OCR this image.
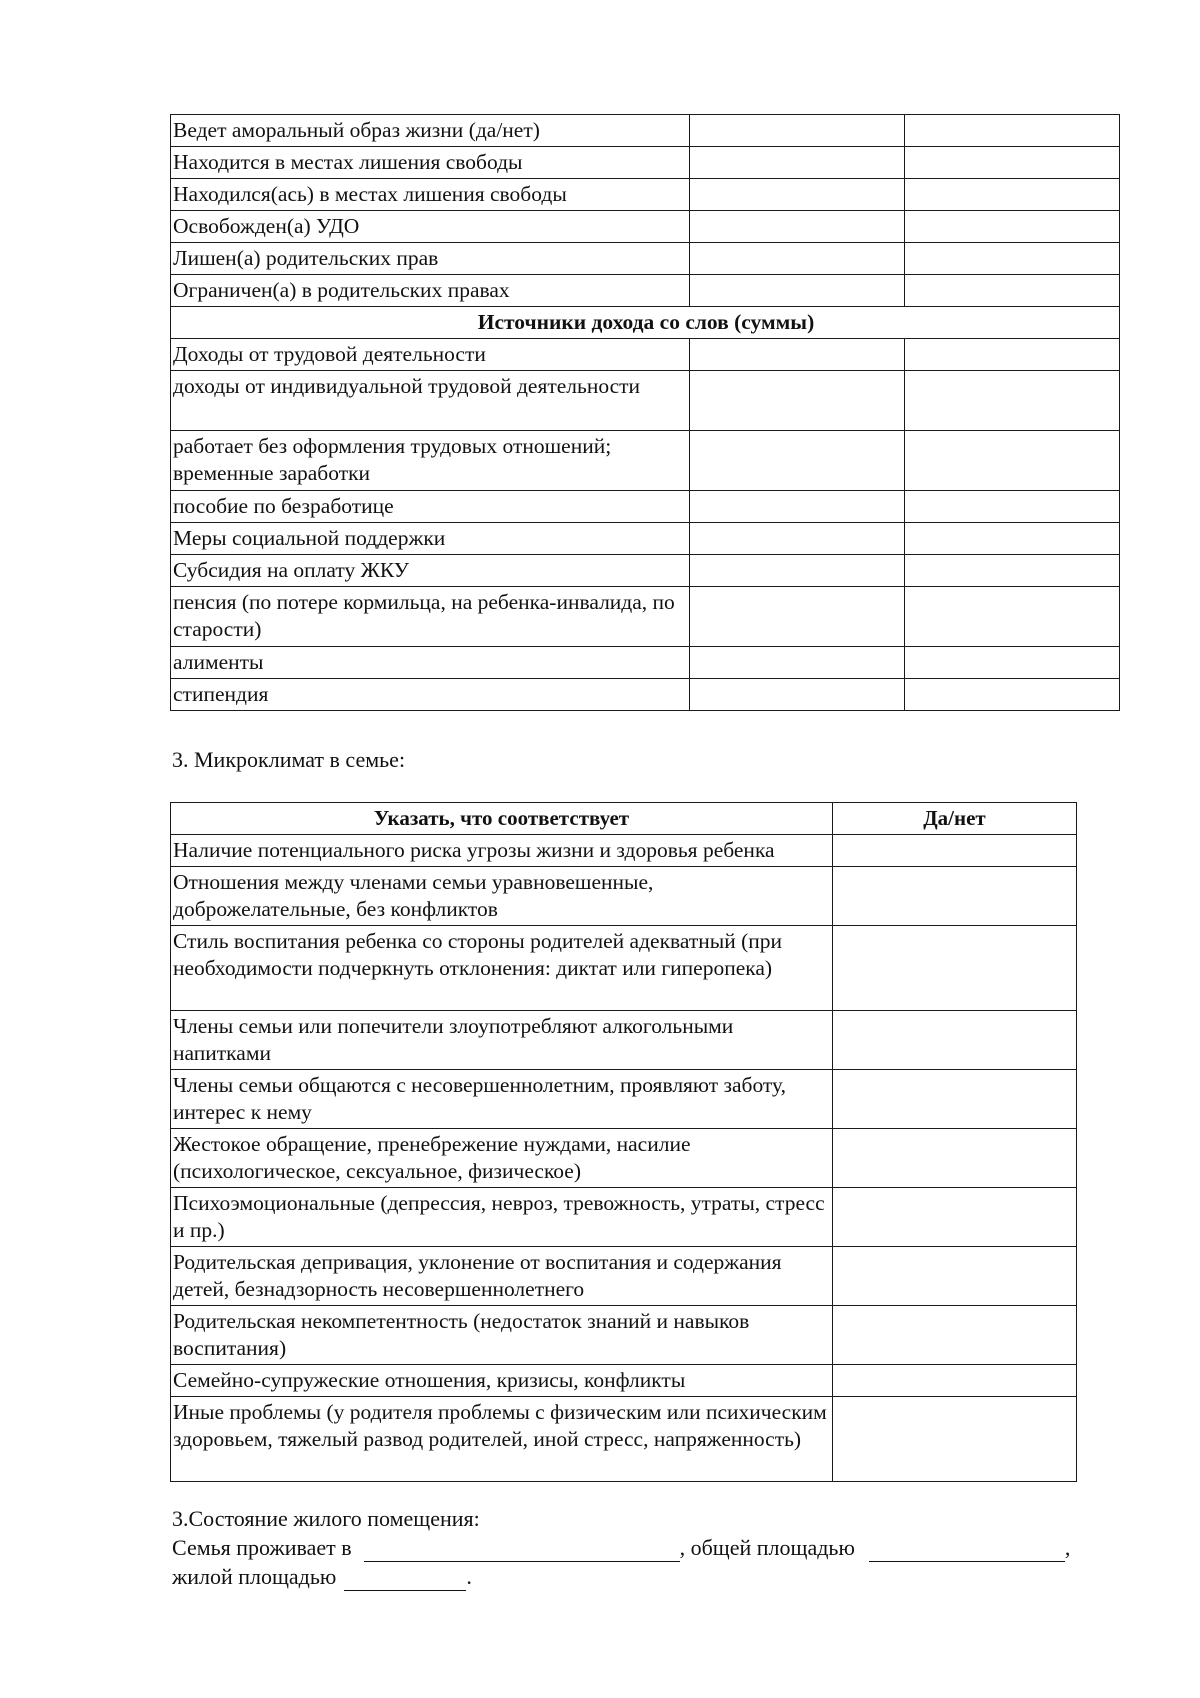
Ведет аморальный образ жизни (да/нет)		
Находится в местах лишения свободы		
Находился(ась) в местах лишения свободы		
Освобожден(а) УДО		
Лишен(а) родительских прав		
Ограничен(а) в родительских правах		
Источники дохода со слов (суммы)		
Доходы от трудовой деятельности		
доходы от индивидуальной трудовой деятельности		
работает без оформления трудовых отношений; временные заработки		
пособие по безработице		
Меры социальной поддержки		
Субсидия на оплату ЖКУ		
пенсия (по потере кормильца, на ребенка-инвалида, по старости)		
алименты		
стипендия		
3. Микроклимат в семье:
Указать, что соответствует	Да/нет
Наличие потенциального риска угрозы жизни и здоровья ребенка	
Отношения между членами семьи уравновешенные, доброжелательные, без конфликтов	
Стиль воспитания ребенка со стороны родителей адекватный (при необходимости подчеркнуть отклонения: диктат или гиперопека)	
Члены семьи или попечители злоупотребляют алкогольными напитками	
Члены семьи общаются с несовершеннолетним, проявляют заботу, интерес к нему	
Жестокое обращение, пренебрежение нуждами, насилие (психологическое, сексуальное, физическое)	
Психоэмоциональные (депрессия, невроз, тревожность, утраты, стресс и пр.)	
Родительская депривация, уклонение от воспитания и содержания детей, безнадзорность несовершеннолетнего	
Родительская некомпетентность (недостаток знаний и навыков воспитания)	
Семейно-супружеские отношения, кризисы, конфликты	
Иные проблемы (у родителя проблемы с физическим или психическим здоровьем, тяжелый развод родителей, иной стресс, напряженность)	
3.Состояние жилого помещения:
Семья проживает в	, общей площадью	,
жилой площадью	.
